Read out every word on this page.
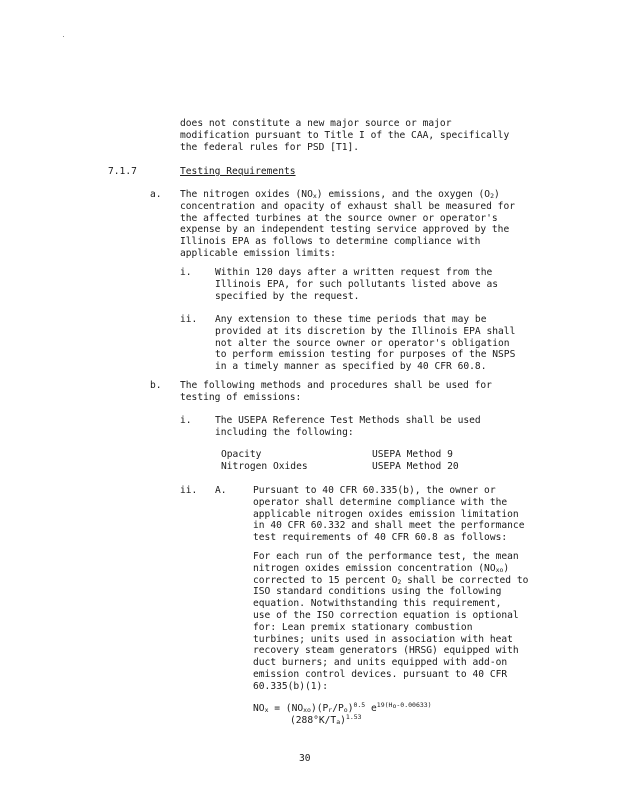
does not constitute a new major source or major
modification pursuant to Title I of the CAA, specifically
the federal rules for PSD [T1].
7.1.7	Testing Requirements
a. The nitrogen oxides $(NO_x)$ emissions, and the oxygen $(O_2)$
concentration and opacity of exhaust shall be measured for
the affected turbines at the source owner or operator's
expense by an independent testing service approved by the
Illinois EPA as follows to determine compliance with
applicable emission limits:
i. Within 120 days after a written request from the
Illinois EPA, for such pollutants listed above as
specified by the request.
ii. Any extension to these time periods that may be
provided at its discretion by the Illinois EPA shall
not alter the source owner or operator's obligation
to perform emission testing for purposes of the NSPS
in a timely manner as specified by 40 CFR 60.8.
b. The following methods and procedures shall be used for
testing of emissions:
i. The USEPA Reference Test Methods shall be used
including the following:
Opacity	USEPA Method 9
Nitrogen Oxides	USEPA Method 20
ii. A.	Pursuant to 40 CFR 60.335(b), the owner or
operator shall determine compliance with the
applicable nitrogen oxides emission limitation
in 40 CFR 60.332 and shall meet the performance
test requirements of 40 CFR 60.8 as follows:
For each run of the performance test, the mean
nitrogen oxides emission concentration $(NO_{xo})$
corrected to 15 percent $O_2$ shall be corrected to
ISO standard conditions using the following
equation. Notwithstanding this requirement,
use of the ISO correction equation is optional
for: Lean premix stationary combustion
turbines; units used in association with heat
recovery steam generators (HRSG) equipped with
duct burners; and units equipped with add-on
emission control devices. pursuant to 40 CFR
60.335(b)(1):
$NO_x = (NO_{xo})(P_r/P_o)^{0.5}$ $e^{19(H_o-0.00633)}$
$(288^\circ K/T_a)^{1.53}$
30
